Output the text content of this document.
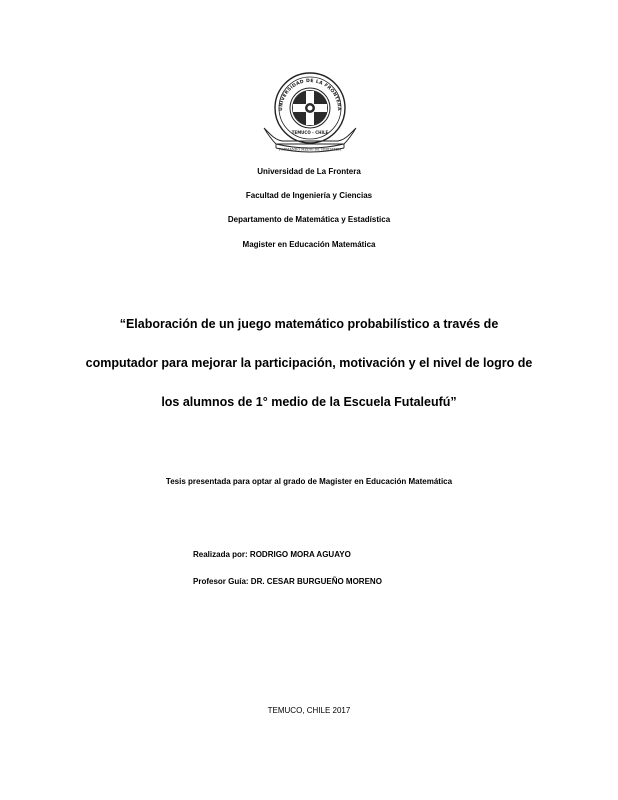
UNIVERSIDAD DE LA FRONTERA
TEMUCO - CHILE
FORMANDO MEDIO DE VERITATEM
Universidad de La Frontera
Facultad de Ingeniería y Ciencias
Departamento de Matemática y Estadística
Magister en Educación Matemática
“Elaboración de un juego matemático probabilístico a través de
computador para mejorar la participación, motivación y el nivel de logro de
los alumnos de 1° medio de la Escuela Futaleufú”
Tesis presentada para optar al grado de Magister en Educación Matemática
Realizada por: RODRIGO MORA AGUAYO
Profesor Guía: DR. CESAR BURGUEÑO MORENO
TEMUCO, CHILE 2017
